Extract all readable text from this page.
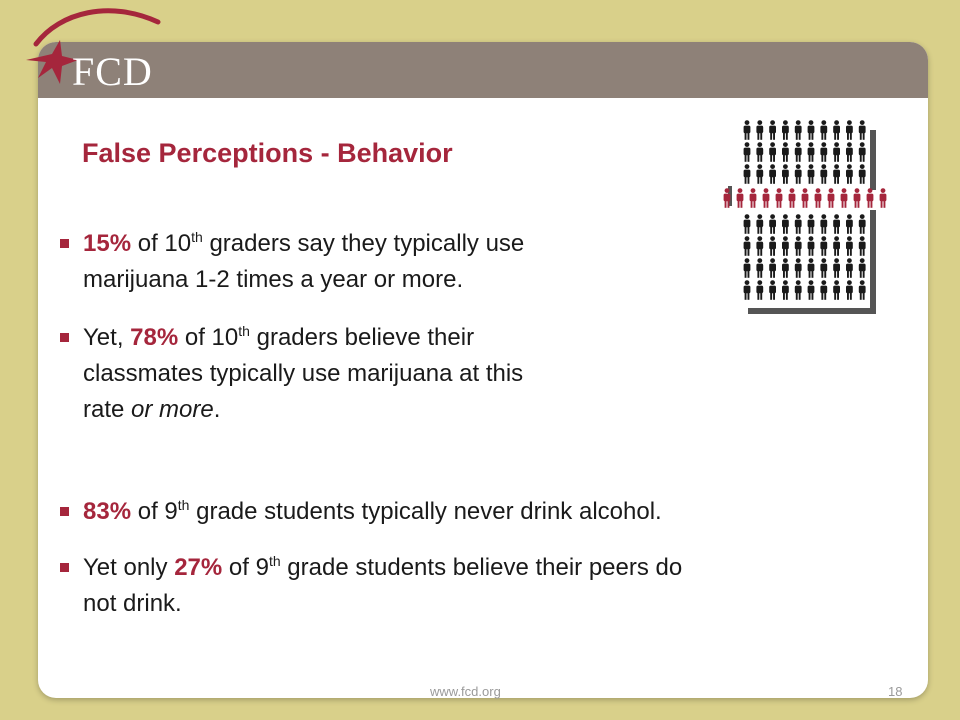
FCD
False Perceptions - Behavior
15% of 10th graders say they typically use
marijuana 1-2 times a year or more.
Yet, 78% of 10th graders believe their
classmates typically use marijuana at this
rate or more.
83% of 9th grade students typically never drink alcohol.
Yet only 27% of 9th grade students believe their peers do
not drink.
www.fcd.org	18
